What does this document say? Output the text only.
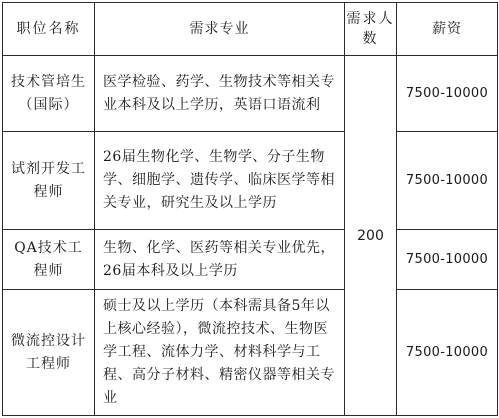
职位名称	需求专业	需求人数	薪资
技术管培生（国际）	医学检验、药学、生物技术等相关专业本科及以上学历，英语口语流利	200	7500-10000
试剂开发工程师	26届生物化学、生物学、分子生物学、细胞学、遗传学、临床医学等相关专业，研究生及以上学历		7500-10000
QA技术工程师	生物、化学、医药等相关专业优先，26届本科及以上学历		7500-10000
微流控设计工程师	硕士及以上学历（本科需具备5年以上核心经验），微流控技术、生物医学工程、流体力学、材料科学与工程、高分子材料、精密仪器等相关专业		7500-10000
